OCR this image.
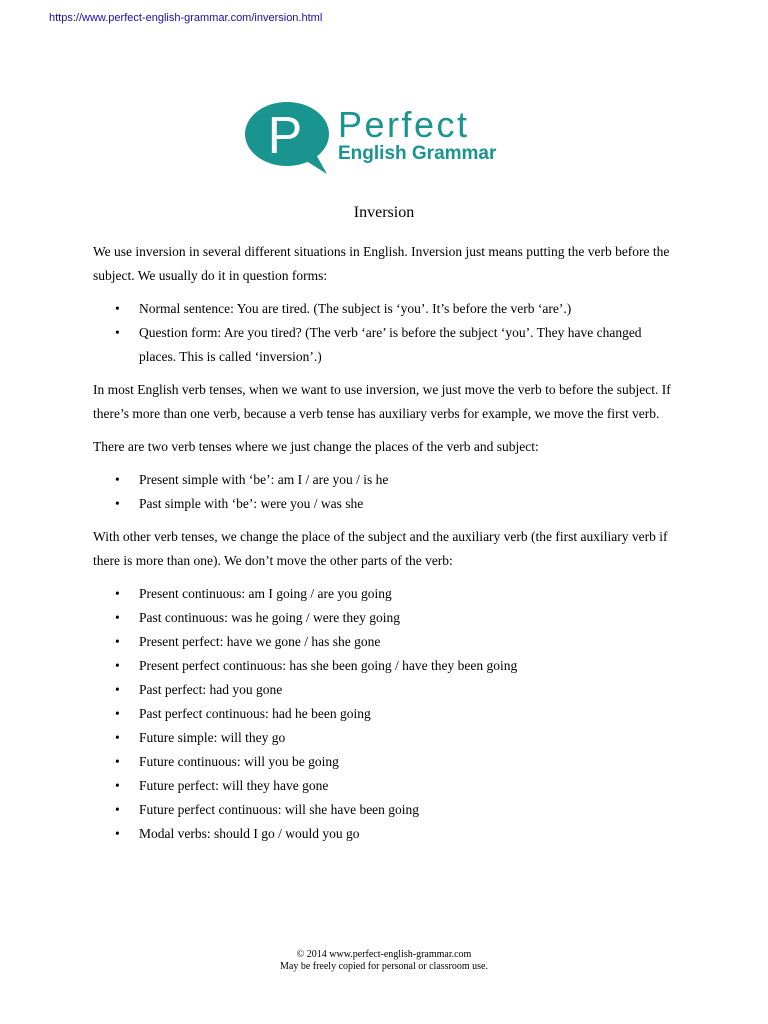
https://www.perfect-english-grammar.com/inversion.html
P Perfect
English Grammar
Inversion

We use inversion in several different situations in English. Inversion just means putting the verb before the subject. We usually do it in question forms:

• Normal sentence: You are tired. (The subject is ‘you’. It’s before the verb ‘are’.)
• Question form: Are you tired? (The verb ‘are’ is before the subject ‘you’. They have changed places. This is called ‘inversion’.)

In most English verb tenses, when we want to use inversion, we just move the verb to before the subject. If there’s more than one verb, because a verb tense has auxiliary verbs for example, we move the first verb.

There are two verb tenses where we just change the places of the verb and subject:

• Present simple with ‘be’: am I / are you / is he
• Past simple with ‘be’: were you / was she

With other verb tenses, we change the place of the subject and the auxiliary verb (the first auxiliary verb if there is more than one). We don’t move the other parts of the verb:

• Present continuous: am I going / are you going
• Past continuous: was he going / were they going
• Present perfect: have we gone / has she gone
• Present perfect continuous: has she been going / have they been going
• Past perfect: had you gone
• Past perfect continuous: had he been going
• Future simple: will they go
• Future continuous: will you be going
• Future perfect: will they have gone
• Future perfect continuous: will she have been going
• Modal verbs: should I go / would you go
© 2014 www.perfect-english-grammar.com
May be freely copied for personal or classroom use.
